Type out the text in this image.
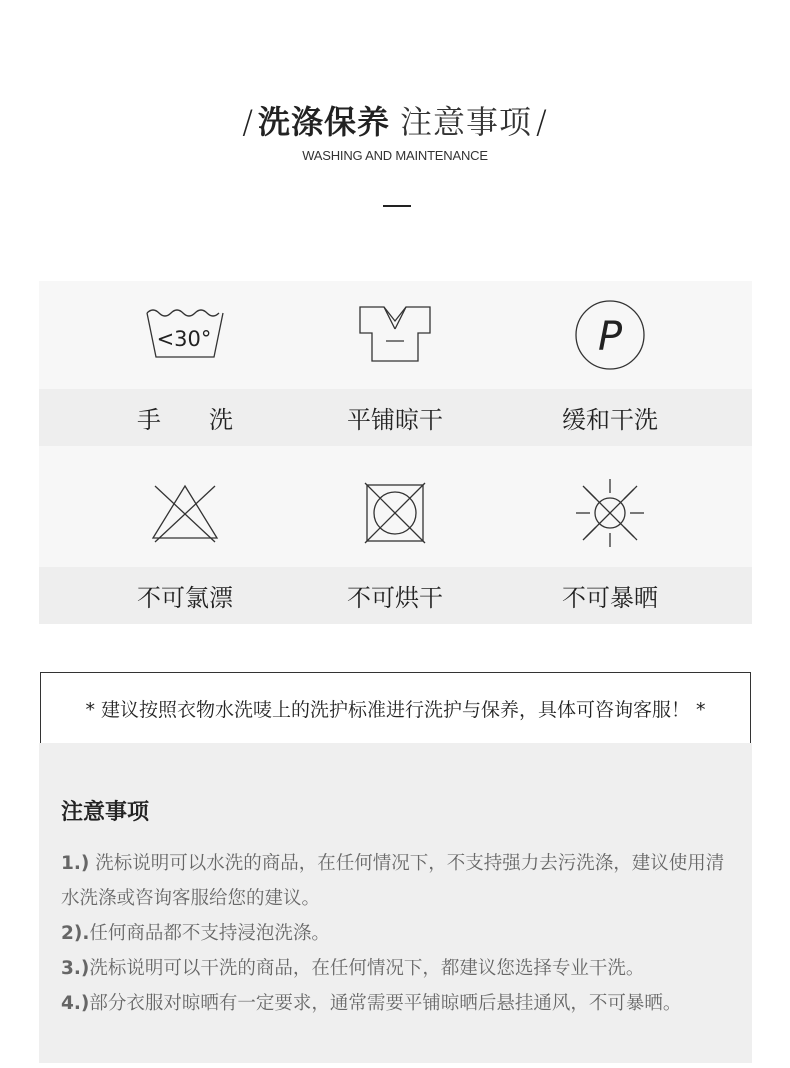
/ 洗涤保养 注意事项 /
WASHING AND MAINTENANCE
<30°	P
手洗	平铺晾干	缓和干洗
不可氯漂	不可烘干	不可暴晒
* 建议按照衣物水洗唛上的洗护标准进行洗护与保养，具体可咨询客服！ *
注意事项

1.) 洗标说明可以水洗的商品，在任何情况下，不支持强力去污洗涤，建议使用清水洗涤或咨询客服给您的建议。

2).任何商品都不支持浸泡洗涤。

3.)洗标说明可以干洗的商品，在任何情况下，都建议您选择专业干洗。

4.)部分衣服对晾晒有一定要求，通常需要平铺晾晒后悬挂通风，不可暴晒。
